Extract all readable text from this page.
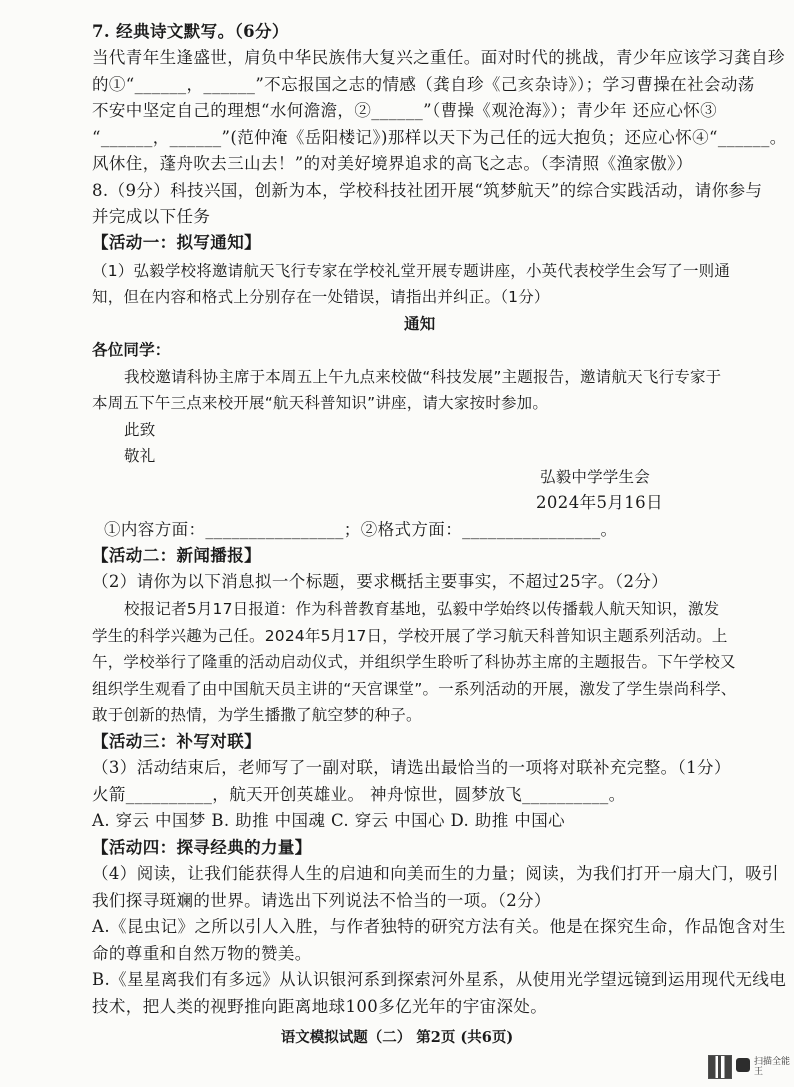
7. 经典诗文默写。（6分）
当代青年生逢盛世，肩负中华民族伟大复兴之重任。面对时代的挑战，青少年应该学习龚自珍
的①“______，______”不忘报国之志的情感（龚自珍《己亥杂诗》）；学习曹操在社会动荡
不安中坚定自己的理想“水何澹澹，②______”（曹操《观沧海》）；青少年 还应心怀③
“______，______”(范仲淹《岳阳楼记》)那样以天下为己任的远大抱负；还应心怀④“______。
风休住，蓬舟吹去三山去！”的对美好境界追求的高飞之志。（李清照《渔家傲》）
8.（9分）科技兴国，创新为本，学校科技社团开展“筑梦航天”的综合实践活动，请你参与
并完成以下任务
【活动一：拟写通知】
（1）弘毅学校将邀请航天飞行专家在学校礼堂开展专题讲座，小英代表校学生会写了一则通
知，但在内容和格式上分别存在一处错误，请指出并纠正。（1分）
通知
各位同学：
我校邀请科协主席于本周五上午九点来校做“科技发展”主题报告，邀请航天飞行专家于
本周五下午三点来校开展“航天科普知识”讲座，请大家按时参加。
此致
敬礼
弘毅中学学生会
2024年5月16日
①内容方面：________________；②格式方面：________________。
【活动二：新闻播报】
（2）请你为以下消息拟一个标题，要求概括主要事实，不超过25字。（2分）
校报记者5月17日报道：作为科普教育基地，弘毅中学始终以传播载人航天知识，激发
学生的科学兴趣为己任。2024年5月17日，学校开展了学习航天科普知识主题系列活动。上
午，学校举行了隆重的活动启动仪式，并组织学生聆听了科协苏主席的主题报告。下午学校又
组织学生观看了由中国航天员主讲的“天宫课堂”。一系列活动的开展，激发了学生崇尚科学、
敢于创新的热情，为学生播撒了航空梦的种子。
【活动三：补写对联】
（3）活动结束后，老师写了一副对联，请选出最恰当的一项将对联补充完整。（1分）
火箭__________，航天开创英雄业。 神舟惊世，圆梦放飞__________。
A. 穿云 中国梦 B. 助推 中国魂 C. 穿云 中国心 D. 助推 中国心
【活动四：探寻经典的力量】
（4）阅读，让我们能获得人生的启迪和向美而生的力量；阅读，为我们打开一扇大门，吸引
我们探寻斑斓的世界。请选出下列说法不恰当的一项。（2分）
A.《昆虫记》之所以引人入胜，与作者独特的研究方法有关。他是在探究生命，作品饱含对生
命的尊重和自然万物的赞美。
B.《星星离我们有多远》从认识银河系到探索河外星系，从使用光学望远镜到运用现代无线电
技术，把人类的视野推向距离地球100多亿光年的宇宙深处。
语文模拟试题（二） 第2页 (共6页)
扫描全能王
